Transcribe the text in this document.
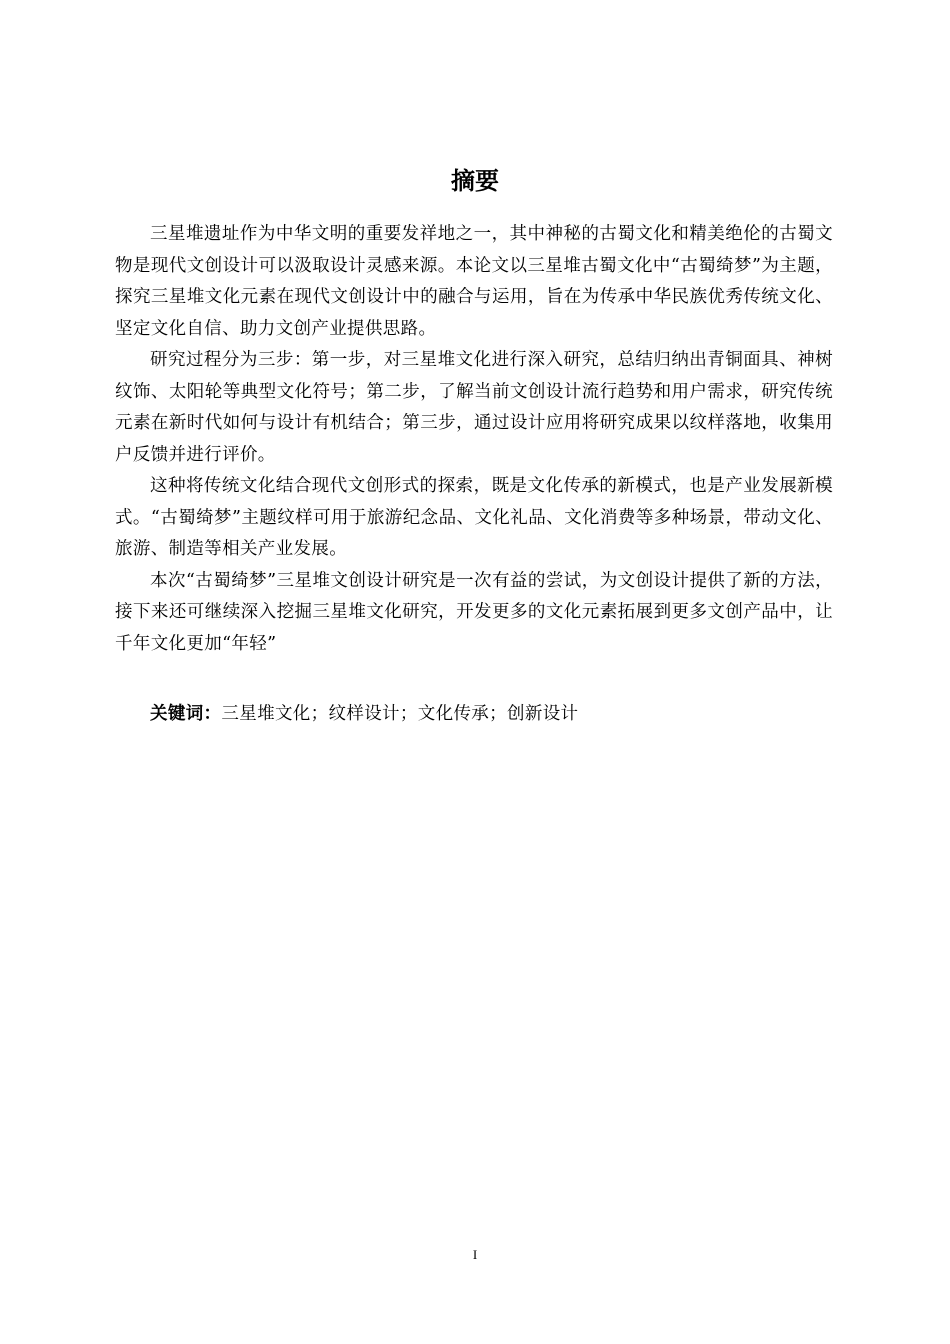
摘要

三星堆遗址作为中华文明的重要发祥地之一，其中神秘的古蜀文化和精美绝伦的古蜀文物是现代文创设计可以汲取设计灵感来源。本论文以三星堆古蜀文化中“古蜀绮梦”为主题，探究三星堆文化元素在现代文创设计中的融合与运用，旨在为传承中华民族优秀传统文化、坚定文化自信、助力文创产业提供思路。

研究过程分为三步：第一步，对三星堆文化进行深入研究，总结归纳出青铜面具、神树纹饰、太阳轮等典型文化符号；第二步，了解当前文创设计流行趋势和用户需求，研究传统元素在新时代如何与设计有机结合；第三步，通过设计应用将研究成果以纹样落地，收集用户反馈并进行评价。

这种将传统文化结合现代文创形式的探索，既是文化传承的新模式，也是产业发展新模式。“古蜀绮梦”主题纹样可用于旅游纪念品、文化礼品、文化消费等多种场景，带动文化、旅游、制造等相关产业发展。

本次“古蜀绮梦”三星堆文创设计研究是一次有益的尝试，为文创设计提供了新的方法，接下来还可继续深入挖掘三星堆文化研究，开发更多的文化元素拓展到更多文创产品中，让千年文化更加“年轻”

关键词：三星堆文化；纹样设计；文化传承；创新设计

I
